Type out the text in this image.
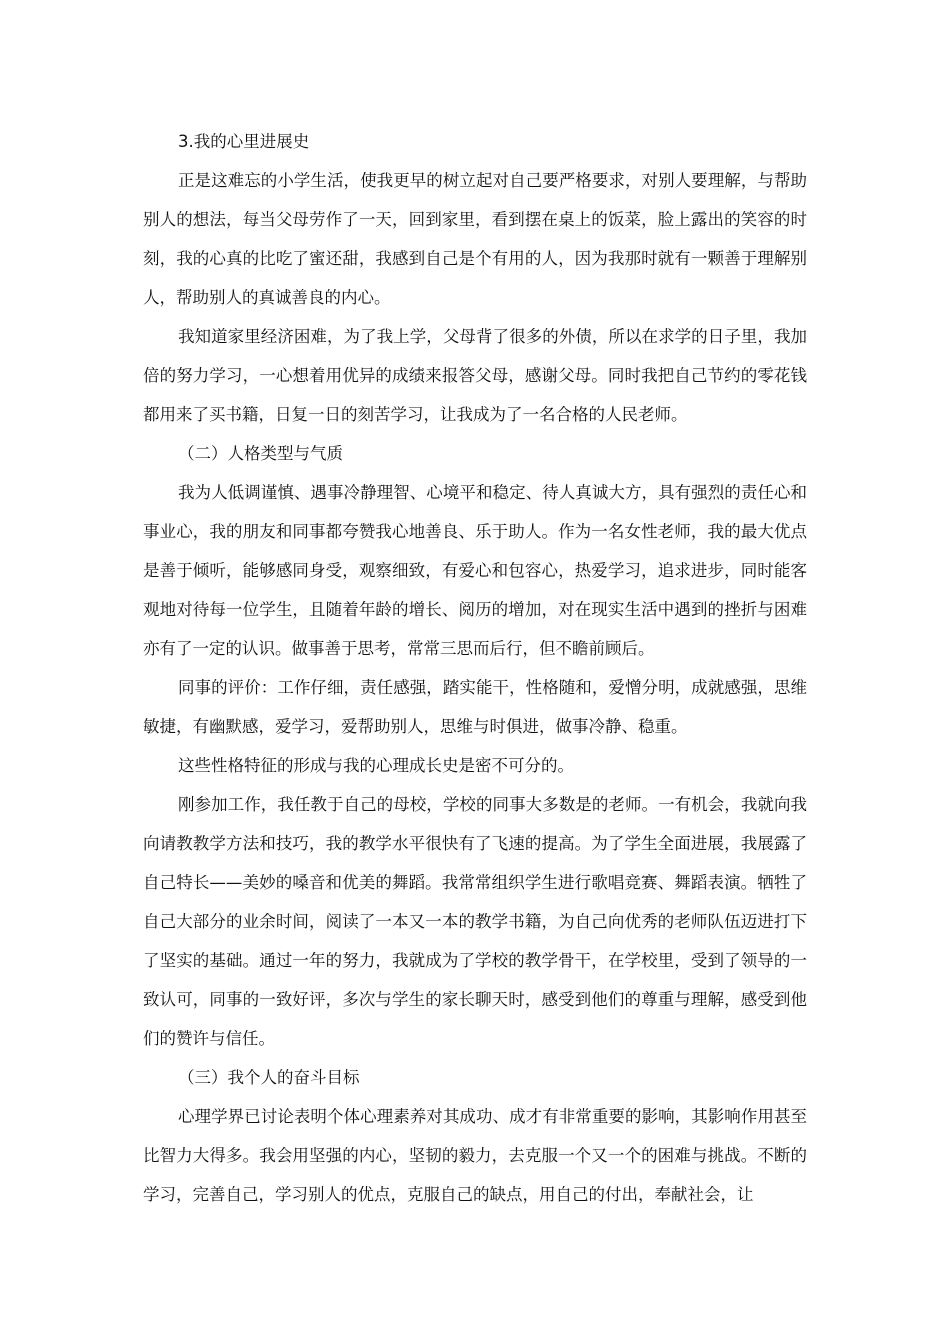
3.我的心里进展史

正是这难忘的小学生活，使我更早的树立起对自己要严格要求，对别人要理解，与帮助别人的想法，每当父母劳作了一天，回到家里，看到摆在桌上的饭菜，脸上露出的笑容的时刻，我的心真的比吃了蜜还甜，我感到自己是个有用的人，因为我那时就有一颗善于理解别人，帮助别人的真诚善良的内心。

我知道家里经济困难，为了我上学，父母背了很多的外债，所以在求学的日子里，我加倍的努力学习，一心想着用优异的成绩来报答父母，感谢父母。同时我把自己节约的零花钱都用来了买书籍，日复一日的刻苦学习，让我成为了一名合格的人民老师。

（二）人格类型与气质

我为人低调谨慎、遇事冷静理智、心境平和稳定、待人真诚大方，具有强烈的责任心和事业心，我的朋友和同事都夸赞我心地善良、乐于助人。作为一名女性老师，我的最大优点是善于倾听，能够感同身受，观察细致，有爱心和包容心，热爱学习，追求进步，同时能客观地对待每一位学生，且随着年龄的增长、阅历的增加，对在现实生活中遇到的挫折与困难亦有了一定的认识。做事善于思考，常常三思而后行，但不瞻前顾后。

同事的评价：工作仔细，责任感强，踏实能干，性格随和，爱憎分明，成就感强，思维敏捷，有幽默感，爱学习，爱帮助别人，思维与时俱进，做事冷静、稳重。

这些性格特征的形成与我的心理成长史是密不可分的。

刚参加工作，我任教于自己的母校，学校的同事大多数是的老师。一有机会，我就向我向请教教学方法和技巧，我的教学水平很快有了飞速的提高。为了学生全面进展，我展露了自己特长——美妙的嗓音和优美的舞蹈。我常常组织学生进行歌唱竞赛、舞蹈表演。牺牲了自己大部分的业余时间，阅读了一本又一本的教学书籍，为自己向优秀的老师队伍迈进打下了坚实的基础。通过一年的努力，我就成为了学校的教学骨干，在学校里，受到了领导的一致认可，同事的一致好评，多次与学生的家长聊天时，感受到他们的尊重与理解，感受到他们的赞许与信任。

（三）我个人的奋斗目标

心理学界已讨论表明个体心理素养对其成功、成才有非常重要的影响，其影响作用甚至比智力大得多。我会用坚强的内心，坚韧的毅力，去克服一个又一个的困难与挑战。不断的学习，完善自己，学习别人的优点，克服自己的缺点，用自己的付出，奉献社会，让
